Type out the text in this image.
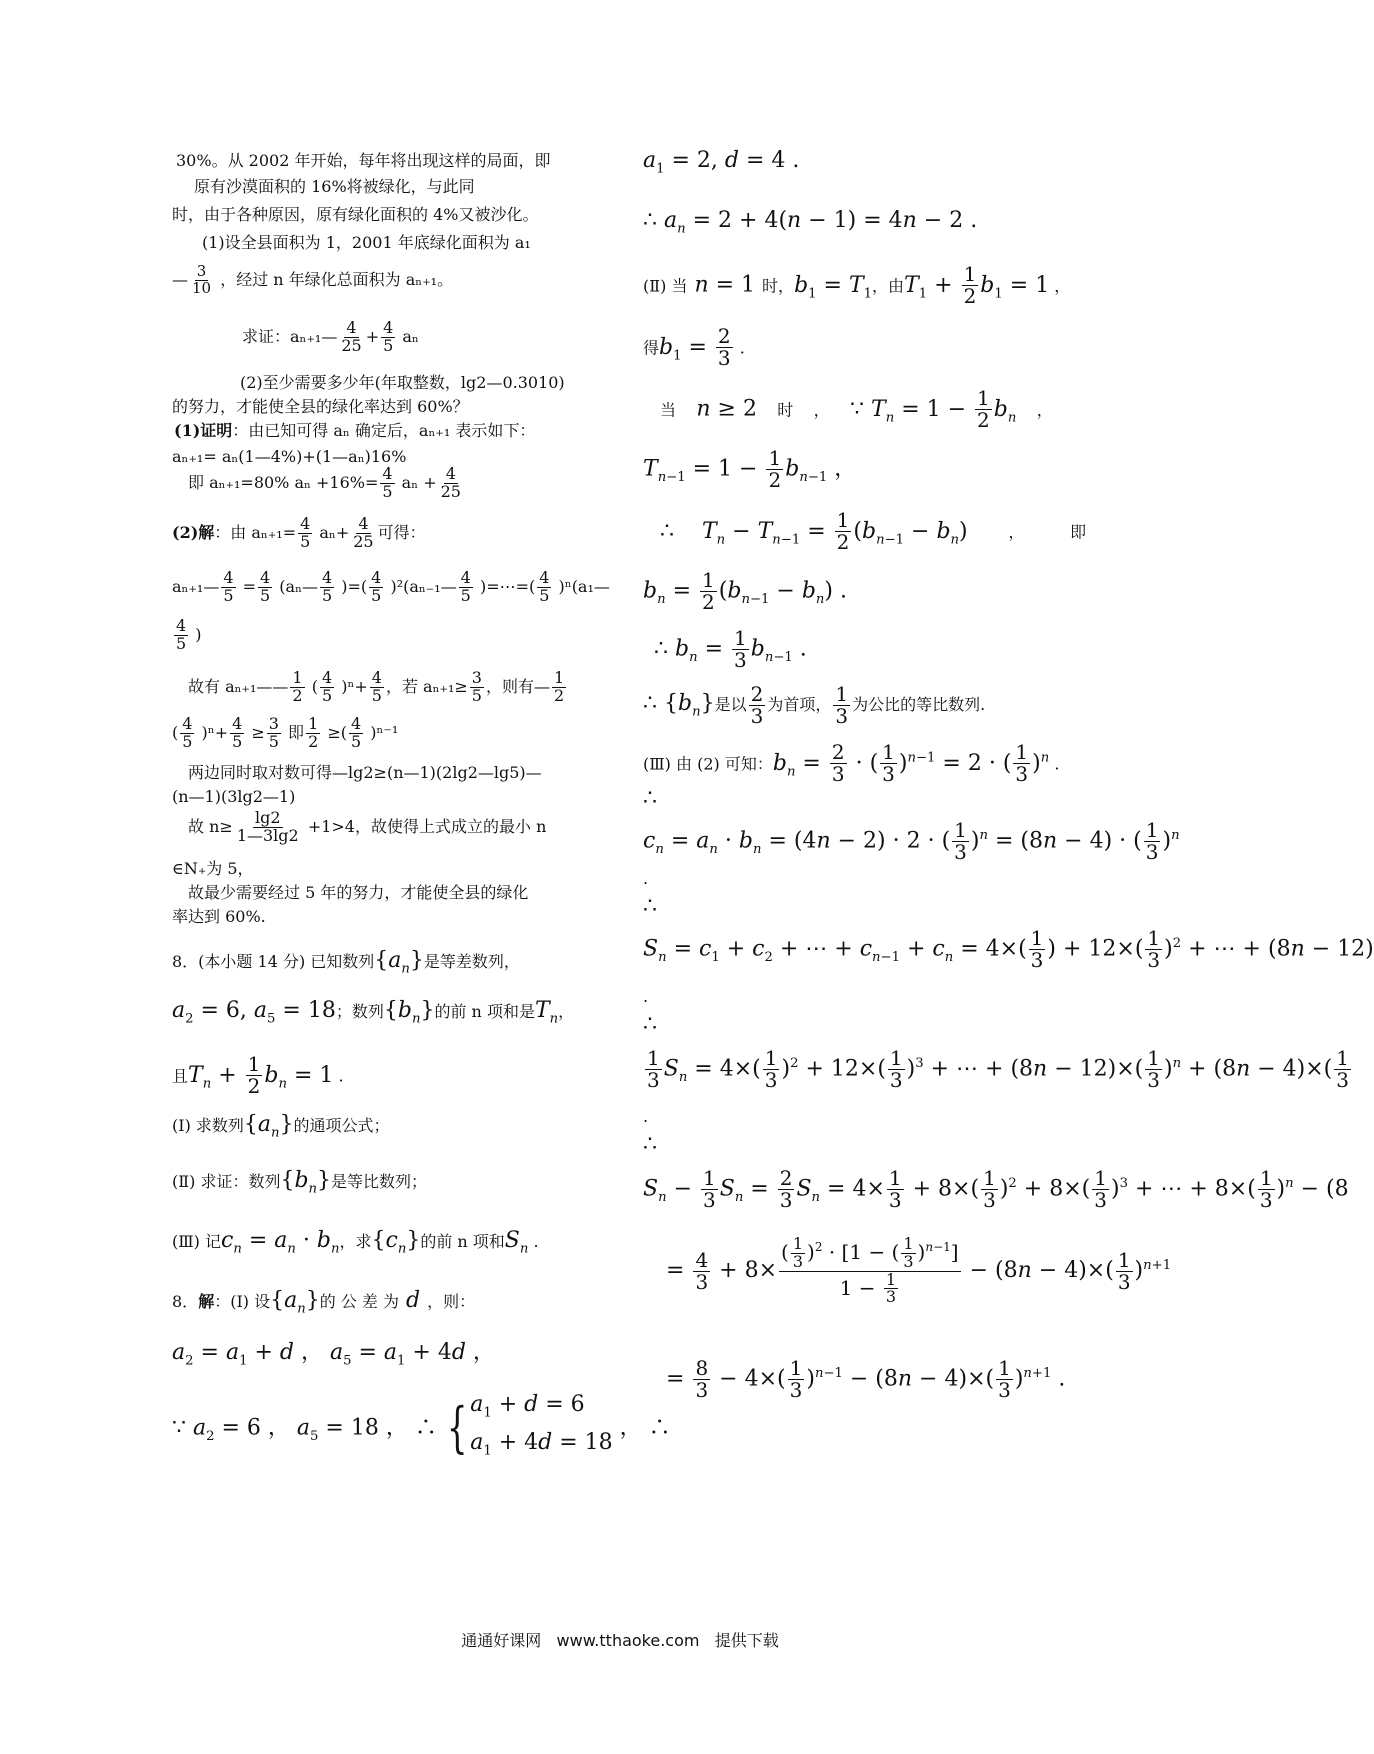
30%。从 2002 年开始，每年将出现这样的局面，即
原有沙漠面积的 16%将被绿化，与此同
时，由于各种原因，原有绿化面积的 4%又被沙化。
(1)设全县面积为 1，2001 年底绿化面积为 a₁
— $\frac{3}{10}$ ，经过 n 年绿化总面积为 aₙ₊₁。
求证：aₙ₊₁— $\frac{4}{25} + \frac{4}{5}$ aₙ
(2)至少需要多少年(年取整数，lg2—0.3010)
的努力，才能使全县的绿化率达到 60%？
(1)证明：由已知可得 aₙ 确定后，aₙ₊₁ 表示如下：
aₙ₊₁= aₙ(1—4%)+(1—aₙ)16%
即 aₙ₊₁=80% $a_n +16\%= \frac{4}{5}$ $a_n + \frac{4}{25}$
(2)解：由 $a_{n+1}= \frac{4}{5} a_n+ \frac{4}{25}$ 可得：
aₙ₊₁— $\frac{4}{5} = \frac{4}{5}$ (aₙ— $\frac{4}{5}$ )=( $\frac{4}{5}$ )²(aₙ₋₁— $\frac{4}{5}$ )=⋯=( $\frac{4}{5}$ )ⁿ(a₁—
$\frac{4}{5}$ )
故有 aₙ₊₁—— $\frac{1}{2}$ ( $\frac{4}{5} )^n+ \frac{4}{5}$ ，若 $a_{n+1}\ge \frac{3}{5}$ ，则有— $\frac{1}{2}$
( $\frac{4}{5} )^n+ \frac{4}{5} \ge \frac{3}{5}$ 即 $\frac{1}{2}$ ≥( $\frac{4}{5} )^{n-1}$
两边同时取对数可得—lg2≥(n—1)(2lg2—lg5)—
(n—1)(3lg2—1)
故 $n\ge \frac{\lg 2}{1—3\lg 2} +1>4$，故使得上式成立的最小 n
∈N₊为 5，
故最少需要经过 5 年的努力，才能使全县的绿化
率达到 60%.
8．(本小题 14 分) 已知数列$\{a_n\}$是等差数列，
$a_2 = 6$, $a_5 = 18$；数列$\{b_n\}$的前 n 项和是$T_n$，
且$T_n + \frac{1}{2} b_n = 1$ .
(Ⅰ) 求数列$\{a_n\}$的通项公式；
(Ⅱ) 求证：数列$\{b_n\}$是等比数列；
(Ⅲ) 记$c_n = a_n \cdot b_n$，求$\{c_n\}$的前 n 项和$S_n$ .
8．解：(Ⅰ) 设$\{a_n\}$的 公 差 为 d ，则：
$a_2 = a_1 + d$ ， $a_5 = a_1 + 4d$ ，
∵ $a_2 = 6$ ， $a_5 = 18$ ， ∴ { $a_1 + d = 6$
$a_1 + 4d = 18$
， ∴
$a_1 = 2$, d = 4 .
∴ $a_n = 2 + 4(n - 1) = 4n - 2$ .
(Ⅱ) 当 n = 1 时，$b_1 = T_1$，由$T_1 + \frac{1}{2} b_1 = 1$ ，
得$b_1 = \frac{2}{3}$ .
当 n ≥ 2 时    ，    ∵ $T_n = 1 - \frac{1}{2} b_n$    ，
$T_{n-1} = 1 - \frac{1}{2} b_{n-1}$ ，
∴    $T_n - T_{n-1} = \frac{1}{2} (b_{n-1} - b_n)$        ，         即
$b_n = \frac{1}{2} (b_{n-1} - b_n)$ .
∴ $b_n = \frac{1}{3} b_{n-1}$ .
∴ $\{b_n\}$是以 $\frac{2}{3}$ 为首项， $\frac{1}{3}$ 为公比的等比数列.
(Ⅲ) 由 (2) 可知：$b_n = \frac{2}{3}$ · ( $\frac{1}{3} )^{n-1} = 2$ · ( $\frac{1}{3} )^n$ .
∴
$c_n = a_n \cdot b_n = (4n - 2) \cdot 2$ · ( $\frac{1}{3} )^n = (8n - 4)$ · ( $\frac{1}{3} )^n$
.
∴
$S_n = c_1 + c_2$ + ⋯ + $c_{n-1} + c_n = 4\times( \frac{1}{3}$ ) + $12\times( \frac{1}{3} )^2$ + ⋯ + (8n − 12)
.
∴
$\frac{1}{3} S_n = 4\times( \frac{1}{3} )^2 + 12\times( \frac{1}{3} )^3$ + ⋯ + $(8n - 12)\times( \frac{1}{3} )^n + (8n - 4)\times( \frac{1}{3}$
.
∴
$S_n - \frac{1}{3} S_n = \frac{2}{3} S_n = 4\times \frac{1}{3} + 8\times( \frac{1}{3} )^2 + 8\times( \frac{1}{3} )^3$ + ⋯ + $8\times( \frac{1}{3} )^n - (8$
= $\frac{4}{3} + 8\times \frac{( \frac{1}{3} )^2 \cdot [1 - ( \frac{1}{3} )^{n-1}]}{1 - \frac{1}{3}} - (8n - 4)\times( \frac{1}{3} )^{n+1}$
= $\frac{8}{3} - 4\times( \frac{1}{3} )^{n-1} - (8n - 4)\times( \frac{1}{3} )^{n+1}$ .
通通好课网 www.tthaoke.com 提供下载
